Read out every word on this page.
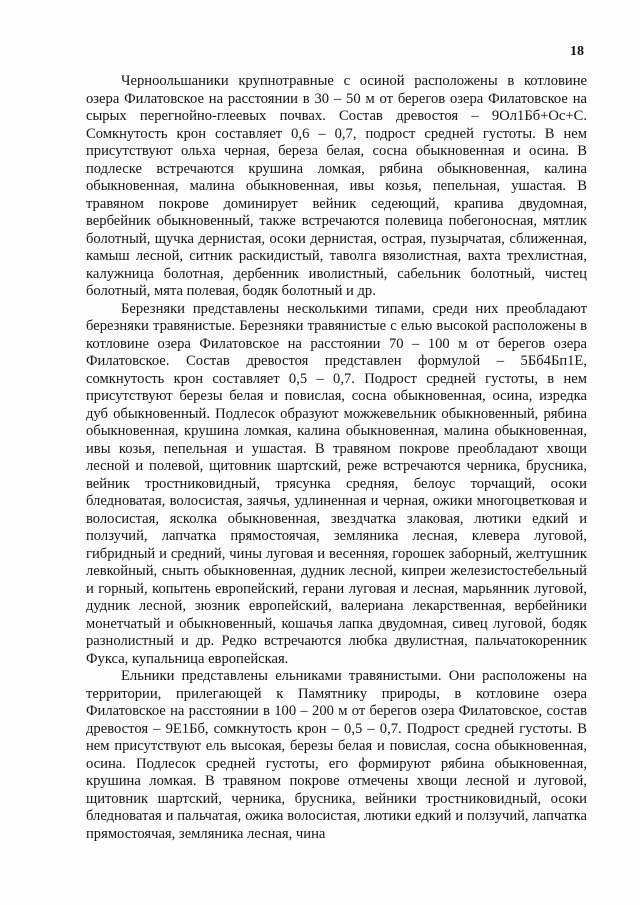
18

Черноольшаники крупнотравные с осиной расположены в котловине озера Филатовское на расстоянии в 30 – 50 м от берегов озера Филатовское на сырых перегнойно-глеевых почвах. Состав древостоя – 9Ол1Бб+Ос+С. Сомкнутость крон составляет 0,6 – 0,7, подрост средней густоты. В нем присутствуют ольха черная, береза белая, сосна обыкновенная и осина. В подлеске встречаются крушина ломкая, рябина обыкновенная, калина обыкновенная, малина обыкновенная, ивы козья, пепельная, ушастая. В травяном покрове доминирует вейник седеющий, крапива двудомная, вербейник обыкновенный, также встречаются полевица побегоносная, мятлик болотный, щучка дернистая, осоки дернистая, острая, пузырчатая, сближенная, камыш лесной, ситник раскидистый, таволга вязолистная, вахта трехлистная, калужница болотная, дербенник иволистный, сабельник болотный, чистец болотный, мята полевая, бодяк болотный и др.

Березняки представлены несколькими типами, среди них преобладают березняки травянистые. Березняки травянистые с елью высокой расположены в котловине озера Филатовское на расстоянии 70 – 100 м от берегов озера Филатовское. Состав древостоя представлен формулой – 5Бб4Бп1Е, сомкнутость крон составляет 0,5 – 0,7. Подрост средней густоты, в нем присутствуют березы белая и повислая, сосна обыкновенная, осина, изредка дуб обыкновенный. Подлесок образуют можжевельник обыкновенный, рябина обыкновенная, крушина ломкая, калина обыкновенная, малина обыкновенная, ивы козья, пепельная и ушастая. В травяном покрове преобладают хвощи лесной и полевой, щитовник шартский, реже встречаются черника, брусника, вейник тростниковидный, трясунка средняя, белоус торчащий, осоки бледноватая, волосистая, заячья, удлиненная и черная, ожики многоцветковая и волосистая, ясколка обыкновенная, звездчатка злаковая, лютики едкий и ползучий, лапчатка прямостоячая, земляника лесная, клевера луговой, гибридный и средний, чины луговая и весенняя, горошек заборный, желтушник левкойный, сныть обыкновенная, дудник лесной, кипреи железистостебельный и горный, копытень европейский, герани луговая и лесная, марьянник луговой, дудник лесной, зюзник европейский, валериана лекарственная, вербейники монетчатый и обыкновенный, кошачья лапка двудомная, сивец луговой, бодяк разнолистный и др. Редко встречаются любка двулистная, пальчатокоренник Фукса, купальница европейская.

Ельники представлены ельниками травянистыми. Они расположены на территории, прилегающей к Памятнику природы, в котловине озера Филатовское на расстоянии в 100 – 200 м от берегов озера Филатовское, состав древостоя – 9Е1Бб, сомкнутость крон – 0,5 – 0,7. Подрост средней густоты. В нем присутствуют ель высокая, березы белая и повислая, сосна обыкновенная, осина. Подлесок средней густоты, его формируют рябина обыкновенная, крушина ломкая. В травяном покрове отмечены хвощи лесной и луговой, щитовник шартский, черника, брусника, вейники тростниковидный, осоки бледноватая и пальчатая, ожика волосистая, лютики едкий и ползучий, лапчатка прямостоячая, земляника лесная, чина
